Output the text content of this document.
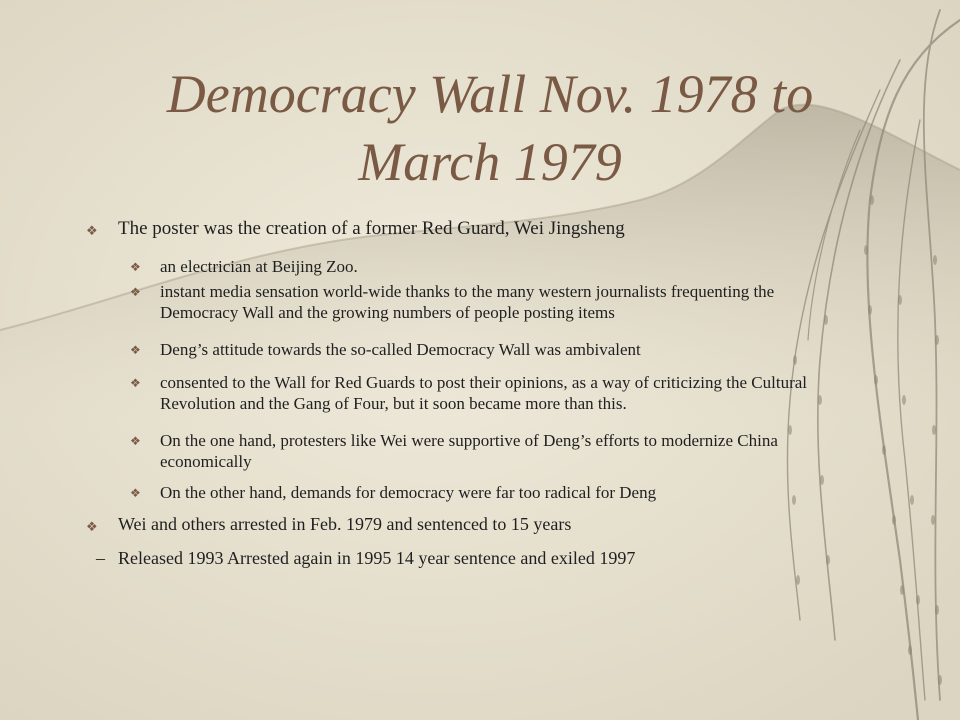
Democracy Wall Nov. 1978 to March 1979
❖ The poster was the creation of a former Red Guard, Wei Jingsheng
❖ an electrician at Beijing Zoo.
❖ instant media sensation world-wide thanks to the many western journalists frequenting the Democracy Wall and the growing numbers of people posting items
❖ Deng’s attitude towards the so-called Democracy Wall was ambivalent
❖ consented to the Wall for Red Guards to post their opinions, as a way of criticizing the Cultural Revolution and the Gang of Four, but it soon became more than this.
❖ On the one hand, protesters like Wei were supportive of Deng’s efforts to modernize China economically
❖ On the other hand, demands for democracy were far too radical for Deng
❖ Wei and others arrested in Feb. 1979 and sentenced to 15 years
– Released 1993 Arrested again in 1995 14 year sentence and exiled 1997
